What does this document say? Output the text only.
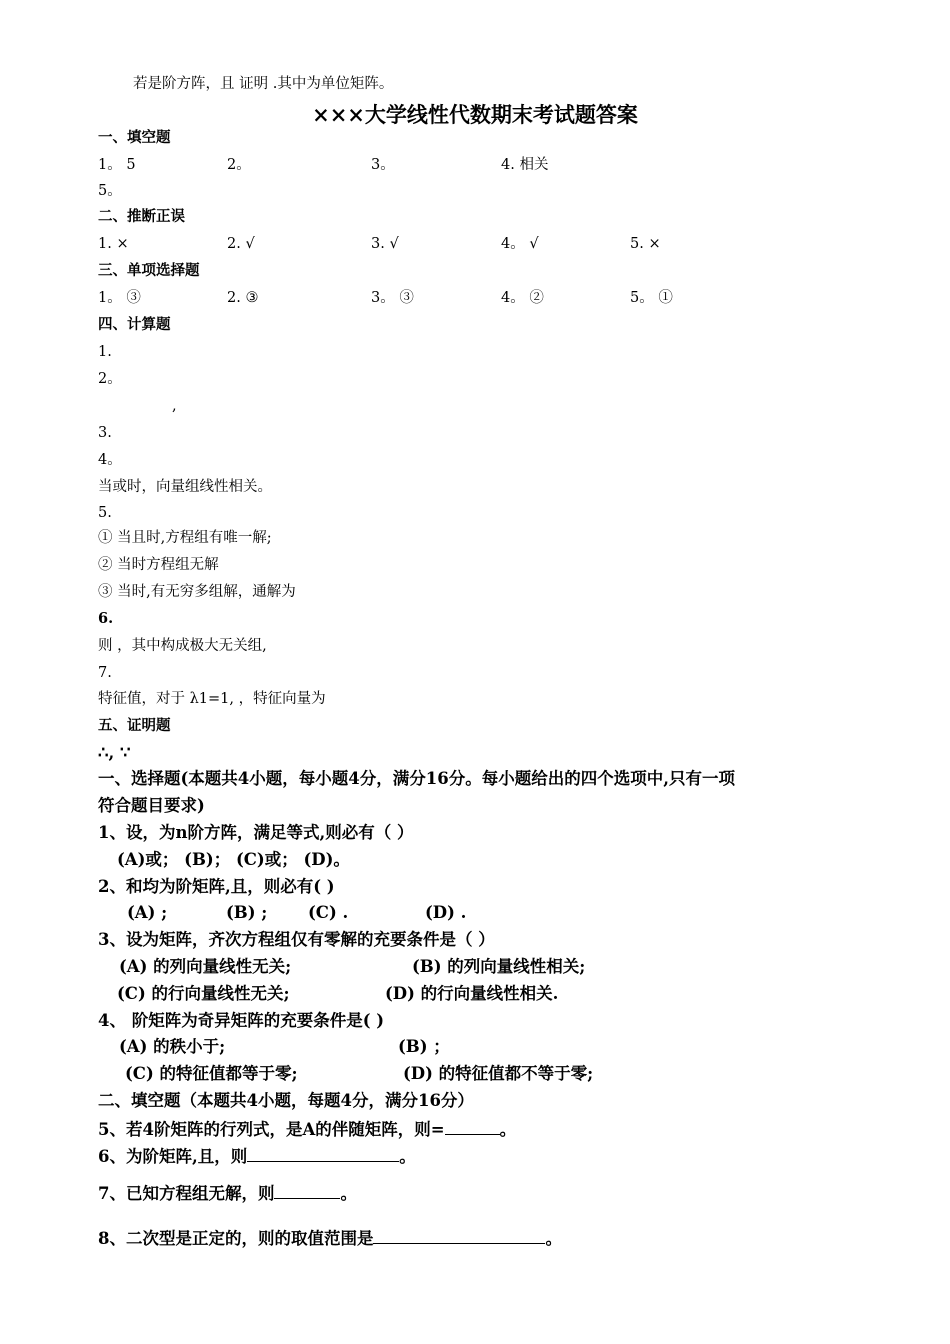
若是阶方阵，且 证明 .其中为单位矩阵。
×××大学线性代数期末考试题答案
一、填空题
1。 5	2。	3。	4. 相关
5。
二、推断正误
1. ×	2. √	3. √	4。 √	5. ×
三、单项选择题
1。 ③	2. ③	3。 ③	4。 ②	5。 ①
四、计算题
1.
2。
,
3.
4。
当或时，向量组线性相关。
5.
① 当且时,方程组有唯一解;
② 当时方程组无解
③ 当时,有无穷多组解，通解为
6.
则 ，其中构成极大无关组,
7.
特征值，对于 λ1=1, ，特征向量为
五、证明题
∴, ∵
一、选择题(本题共4小题，每小题4分，满分16分。每小题给出的四个选项中,只有一项
符合题目要求)
1、设，为n阶方阵，满足等式,则必有（ ）
(A)或； (B)； (C)或； (D)。
2、和均为阶矩阵,且，则必有( )
(A) ;	(B) ; (C) .	(D) .
3、设为矩阵，齐次方程组仅有零解的充要条件是（ ）
(A) 的列向量线性无关;	(B) 的列向量线性相关;
(C) 的行向量线性无关;	(D) 的行向量线性相关.
4、 阶矩阵为奇异矩阵的充要条件是( )
(A) 的秩小于;	(B) ；
(C) 的特征值都等于零;	(D) 的特征值都不等于零;
二、填空题（本题共4小题，每题4分，满分16分）
5、若4阶矩阵的行列式，是A的伴随矩阵，则=	。
6、为阶矩阵,且，则	。
7、已知方程组无解，则	。
8、二次型是正定的，则的取值范围是	。
